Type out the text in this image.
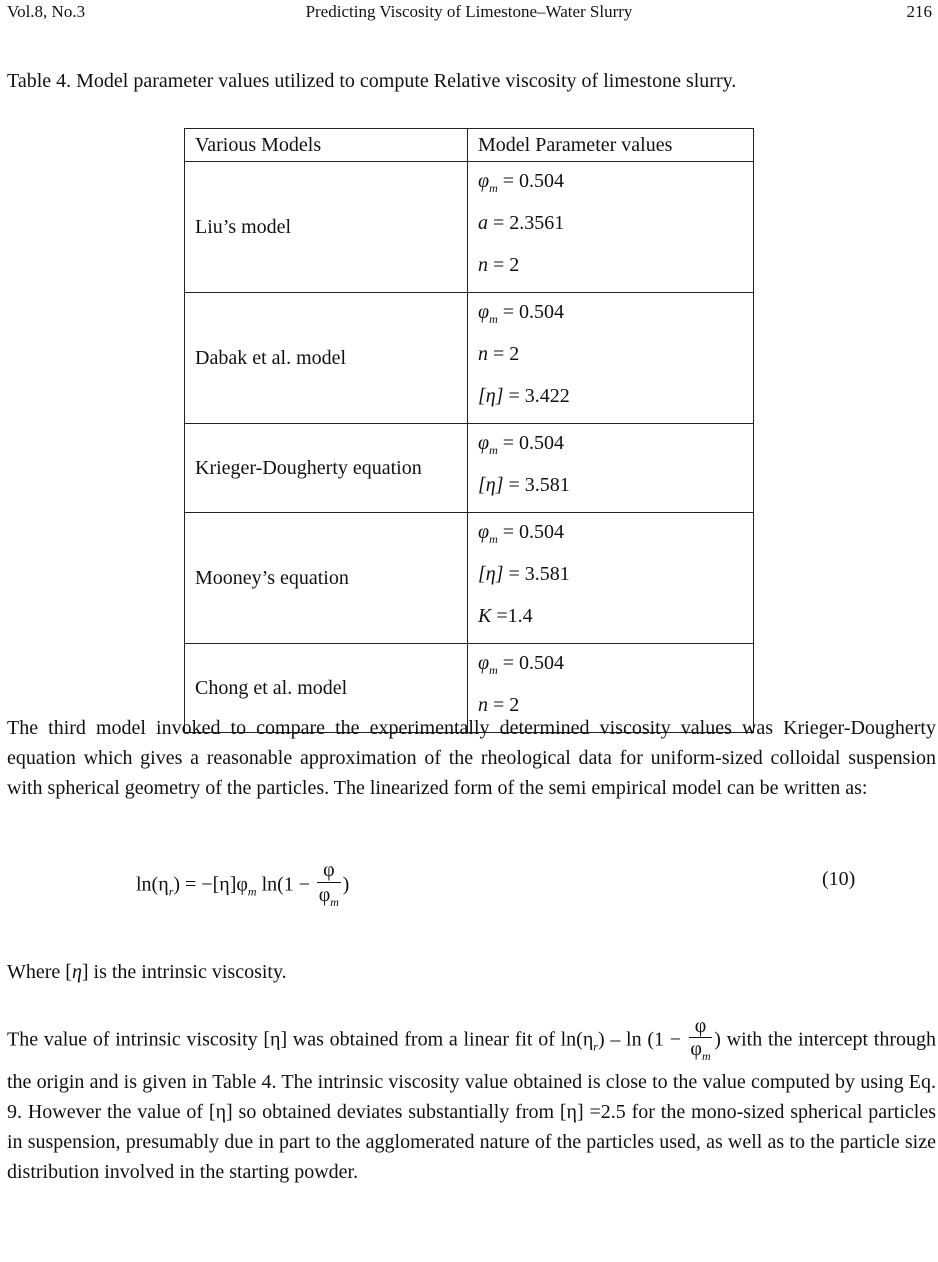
Vol.8, No.3	Predicting Viscosity of Limestone–Water Slurry	216
Table 4. Model parameter values utilized to compute Relative viscosity of limestone slurry.
Various Models	Model Parameter values
Liu’s model	$\varphi_m = 0.504$
a = 2.3561
n = 2

Dabak et al. model	$\varphi_m = 0.504$
n = 2
[η] = 3.422

Krieger-Dougherty equation	$\varphi_m = 0.504$
[η] = 3.581

Mooney’s equation	$\varphi_m = 0.504$
[η] = 3.581
K =1.4

Chong et al. model	$\varphi_m = 0.504$
n = 2
The third model invoked to compare the experimentally determined viscosity values was Krieger-Dougherty equation which gives a reasonable approximation of the rheological data for uniform-sized colloidal suspension with spherical geometry of the particles. The linearized form of the semi empirical model can be written as:
$\ln(\eta_r) = -[\eta]\varphi_m$ $\ln(1 - \frac{\varphi}{\varphi_m}$ )	(10)
Where [η] is the intrinsic viscosity.
The value of intrinsic viscosity [η] was obtained from a linear fit of $\ln(\eta_r) - \ln (1 - \frac{\varphi}{\varphi_m}$ ) with the intercept through the origin and is given in Table 4. The intrinsic viscosity value obtained is close to the value computed by using Eq. 9. However the value of [η] so obtained deviates substantially from [η] =2.5 for the mono-sized spherical particles in suspension, presumably due in part to the agglomerated nature of the particles used, as well as to the particle size distribution involved in the starting powder.
